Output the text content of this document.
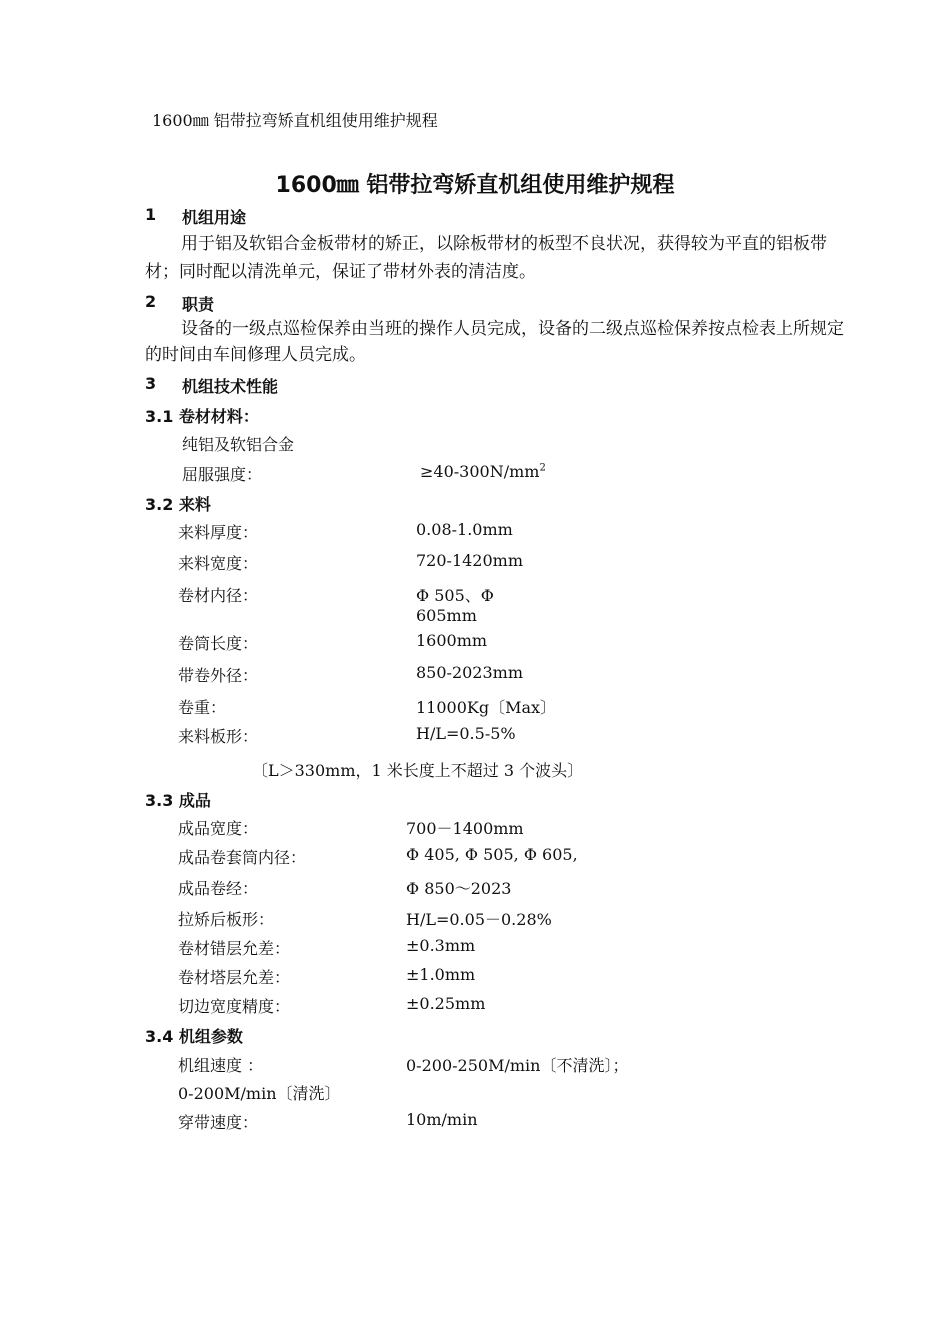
1600㎜ 铝带拉弯矫直机组使用维护规程
1600㎜ 铝带拉弯矫直机组使用维护规程
1 机组用途
用于铝及软铝合金板带材的矫正，以除板带材的板型不良状况，获得较为平直的铝板带材；同时配以清洗单元，保证了带材外表的清洁度。
2 职责
设备的一级点巡检保养由当班的操作人员完成，设备的二级点巡检保养按点检表上所规定的时间由车间修理人员完成。
3 机组技术性能
3.1 卷材材料：
纯铝及软铝合金
屈服强度：	$\ge 40-300N/mm^2$
3.2 来料
来料厚度：	0.08-1.0mm
来料宽度：	720-1420mm
卷材内径：	Φ 505、Φ
605mm
卷筒长度：	1600mm
带卷外径：	850-2023mm
卷重：	11000Kg〔Max〕
来料板形：	H/L=0.5-5%
〔L＞330mm，1 米长度上不超过 3 个波头〕
3.3 成品
成品宽度：	700－1400mm
成品卷套筒内径：	Φ 405, Φ 505, Φ 605,
成品卷经：	Φ 850～2023
拉矫后板形：	H/L=0.05－0.28%
卷材错层允差：	±0.3mm
卷材塔层允差：	±1.0mm
切边宽度精度：	±0.25mm
3.4 机组参数
机组速度 ：	0-200-250M/min〔不清洗〕；
0-200M/min〔清洗〕
穿带速度：	10m/min
